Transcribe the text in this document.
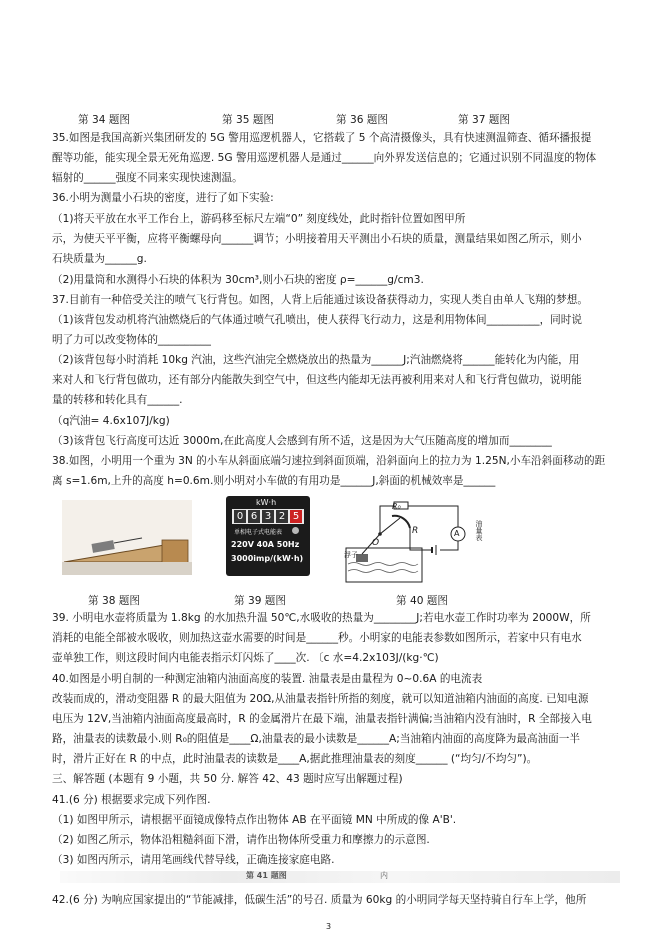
第 34 题图	第 35 题图	第 36 题图	第 37 题图
35.如图是我国高新兴集团研发的 5G 警用巡逻机器人，它搭载了 5 个高清摄像头，具有快速测温筛查、循环播报提
醒等功能，能实现全景无死角巡逻. 5G 警用巡逻机器人是通过______向外界发送信息的；它通过识别不同温度的物体
辐射的______强度不同来实现快速测温。
36.小明为测量小石块的密度，进行了如下实验:
（1)将天平放在水平工作台上，游码移至标尺左端“0” 刻度线处，此时指针位置如图甲所
示，为使天平平衡，应将平衡螺母向______调节；小明接着用天平测出小石块的质量，测量结果如图乙所示，则小
石块质量为______g.
（2)用量筒和水测得小石块的体积为 30cm³,则小石块的密度 ρ=______g/cm3.
37.目前有一种倍受关注的喷气飞行背包。如图，人背上后能通过该设备获得动力，实现人类自由单人飞翔的梦想。
（1)该背包发动机将汽油燃烧后的气体通过喷气孔喷出，使人获得飞行动力，这是利用物体间__________，同时说
明了力可以改变物体的__________
（2)该背包每小时消耗 10kg 汽油，这些汽油完全燃烧放出的热量为______J;汽油燃烧将______能转化为内能，用
来对人和飞行背包做功，还有部分内能散失到空气中，但这些内能却无法再被利用来对人和飞行背包做功，说明能
量的转移和转化具有______.
（q汽油= 4.6x107J/kg)
（3)该背包飞行高度可达近 3000m,在此高度人会感到有所不适，这是因为大气压随高度的增加而________
38.如图，小明用一个重为 3N 的小车从斜面底端匀速拉到斜面顶端，沿斜面向上的拉力为 1.25N,小车沿斜面移动的距
离 s=1.6m,上升的高度 h=0.6m.则小明对小车做的有用功是______J,斜面的机械效率是______
kW·h
0 6 3 2 5
单相电子式电能表
220V 40A 50Hz
3000imp/(kW·h)
R₀
O
R	A
浮子
油量表
第 38 题图	第 39 题图	第 40 题图
39. 小明电水壶将质量为 1.8kg 的水加热升温 50℃,水吸收的热量为________J;若电水壶工作时功率为 2000W，所
消耗的电能全部被水吸收，则加热这壶水需要的时间是______秒。小明家的电能表参数如图所示，若家中只有电水
壶单独工作，则这段时间内电能表指示灯闪烁了____次. 〔c 水=4.2x103J/(kg·℃)
40.如图是小明自制的一种测定油箱内油面高度的装置. 油量表是由量程为 0~0.6A 的电流表
改装而成的，滑动变阻器 R 的最大阻值为 20Ω,从油量表指针所指的刻度，就可以知道油箱内油面的高度. 已知电源
电压为 12V,当油箱内油面高度最高时，R 的金属滑片在最下端，油量表指针满偏;当油箱内没有油时，R 全部接入电
路，油量表的读数最小.则 R₀的阻值是____Ω,油量表的最小读数是______A;当油箱内油面的高度降为最高油面一半
时，滑片正好在 R 的中点，此时油量表的读数是____A,据此推理油量表的刻度______ (“均匀/不均匀”)。
三、解答题 (本题有 9 小题，共 50 分. 解答 42、43 题时应写出解题过程)
41.(6 分) 根据要求完成下列作图.
（1) 如图甲所示，请根据平面镜成像特点作出物体 AB 在平面镜 MN 中所成的像 A'B'.
（2) 如图乙所示，物体沿粗糙斜面下滑，请作出物体所受重力和摩擦力的示意图.
（3) 如图丙所示，请用笔画线代替导线，正确连接家庭电路.
第 41 题图	内
42.(6 分) 为响应国家提出的“节能减排，低碳生活”的号召. 质量为 60kg 的小明同学每天坚持骑自行车上学，他所
3
